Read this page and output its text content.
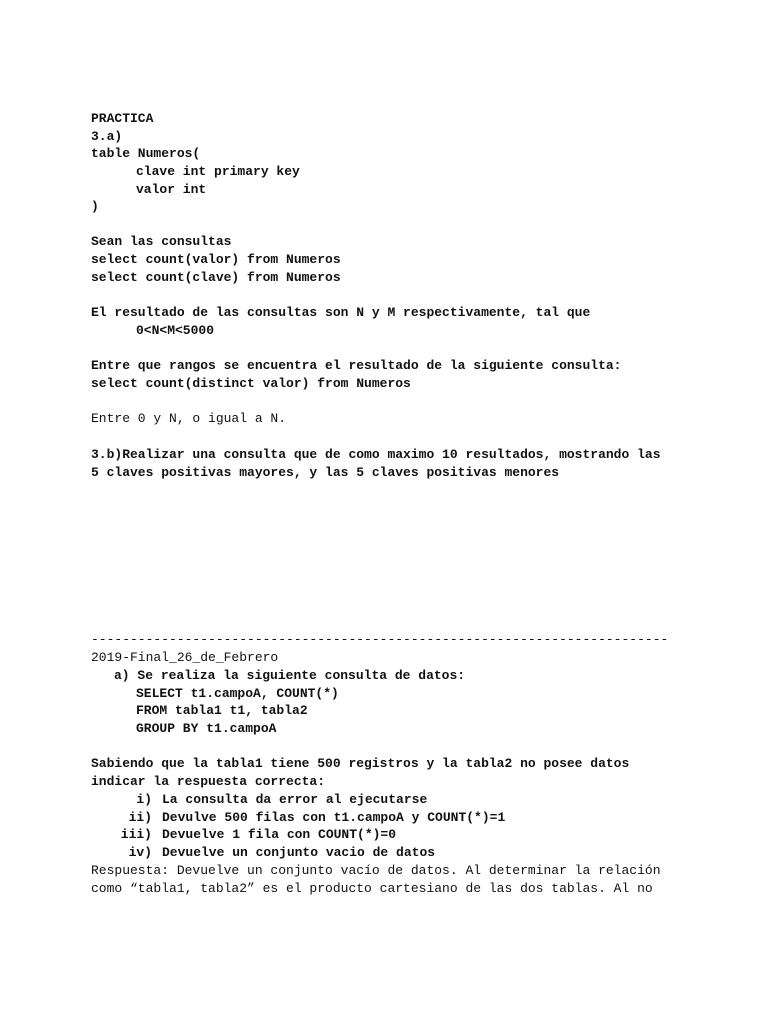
PRACTICA
3.a)
table Numeros(
clave int primary key
valor int
)
Sean las consultas
select count(valor) from Numeros
select count(clave) from Numeros
El resultado de las consultas son N y M respectivamente, tal que
0<N<M<5000
Entre que rangos se encuentra el resultado de la siguiente consulta:
select count(distinct valor) from Numeros
Entre 0 y N, o igual a N.
3.b)Realizar una consulta que de como maximo 10 resultados, mostrando las
5 claves positivas mayores, y las 5 claves positivas menores
--------------------------------------------------------------------------
2019-Final_26_de_Febrero
a) Se realiza la siguiente consulta de datos:
SELECT t1.campoA, COUNT(*)
FROM tabla1 t1, tabla2
GROUP BY t1.campoA
Sabiendo que la tabla1 tiene 500 registros y la tabla2 no posee datos
indicar la respuesta correcta:
i) La consulta da error al ejecutarse
ii) Devulve 500 filas con t1.campoA y COUNT(*)=1
iii) Devuelve 1 fila con COUNT(*)=0
iv) Devuelve un conjunto vacio de datos
Respuesta: Devuelve un conjunto vacío de datos. Al determinar la relación
como “tabla1, tabla2” es el producto cartesiano de las dos tablas. Al no
